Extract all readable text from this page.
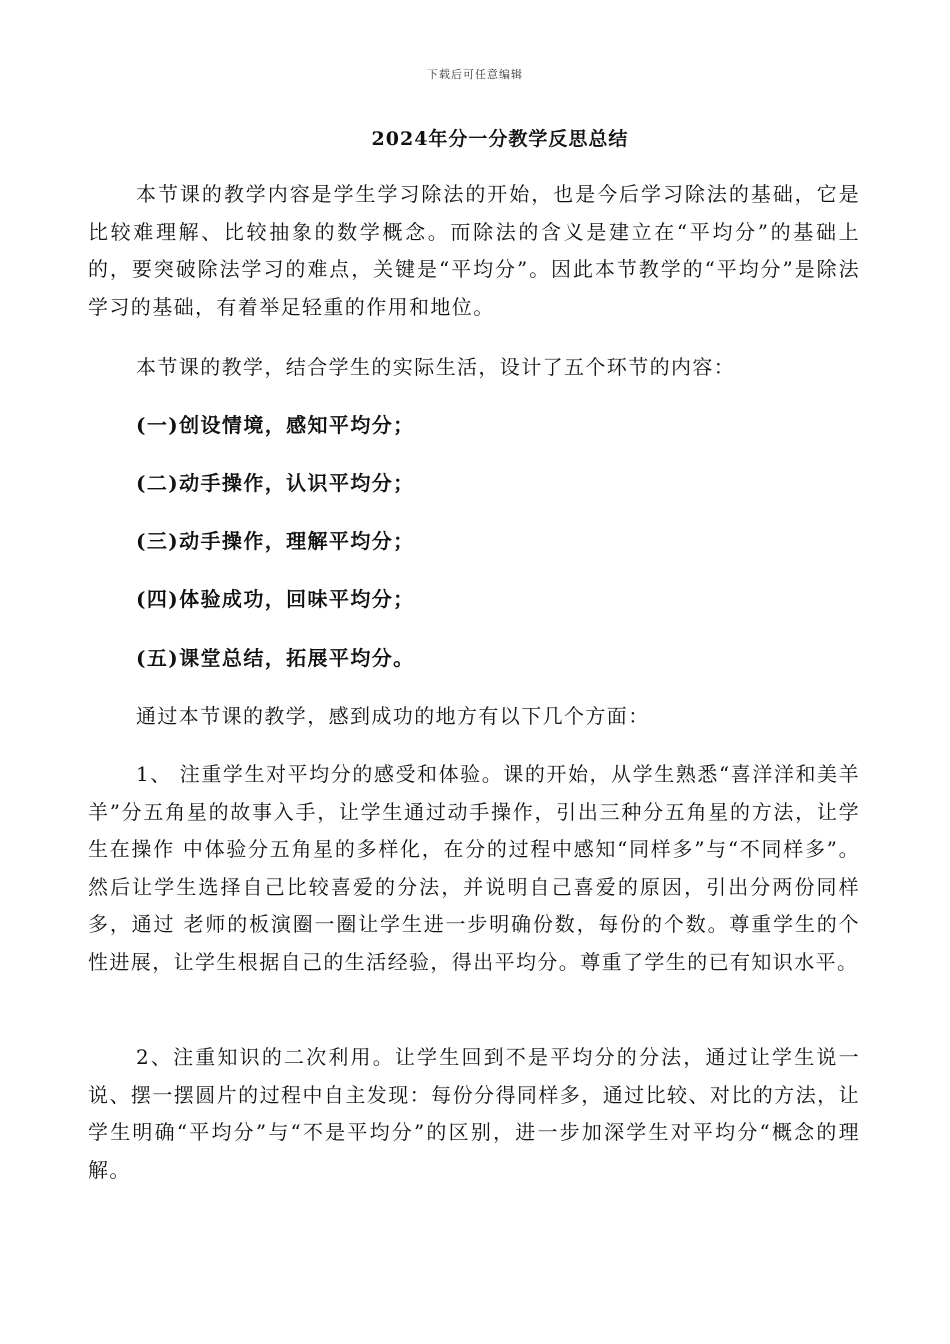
下载后可任意编辑
2024年分一分教学反思总结
本节课的教学内容是学生学习除法的开始，也是今后学习除法的基础，它是比较难理解、比较抽象的数学概念。而除法的含义是建立在“平均分”的基础上的，要突破除法学习的难点，关键是“平均分”。因此本节教学的“平均分”是除法学习的基础，有着举足轻重的作用和地位。
本节课的教学，结合学生的实际生活，设计了五个环节的内容：
(一)创设情境，感知平均分；
(二)动手操作，认识平均分；
(三)动手操作，理解平均分；
(四)体验成功，回味平均分；
(五)课堂总结，拓展平均分。
通过本节课的教学，感到成功的地方有以下几个方面：
1、 注重学生对平均分的感受和体验。课的开始，从学生熟悉“喜洋洋和美羊羊”分五角星的故事入手，让学生通过动手操作，引出三种分五角星的方法，让学生在操作 中体验分五角星的多样化，在分的过程中感知“同样多”与“不同样多”。然后让学生选择自己比较喜爱的分法，并说明自己喜爱的原因，引出分两份同样多，通过 老师的板演圈一圈让学生进一步明确份数，每份的个数。尊重学生的个性进展，让学生根据自己的生活经验，得出平均分。尊重了学生的已有知识水平。
2、注重知识的二次利用。让学生回到不是平均分的分法，通过让学生说一说、摆一摆圆片的过程中自主发现：每份分得同样多，通过比较、对比的方法，让学生明确“平均分”与“不是平均分”的区别，进一步加深学生对平均分“概念的理解。
